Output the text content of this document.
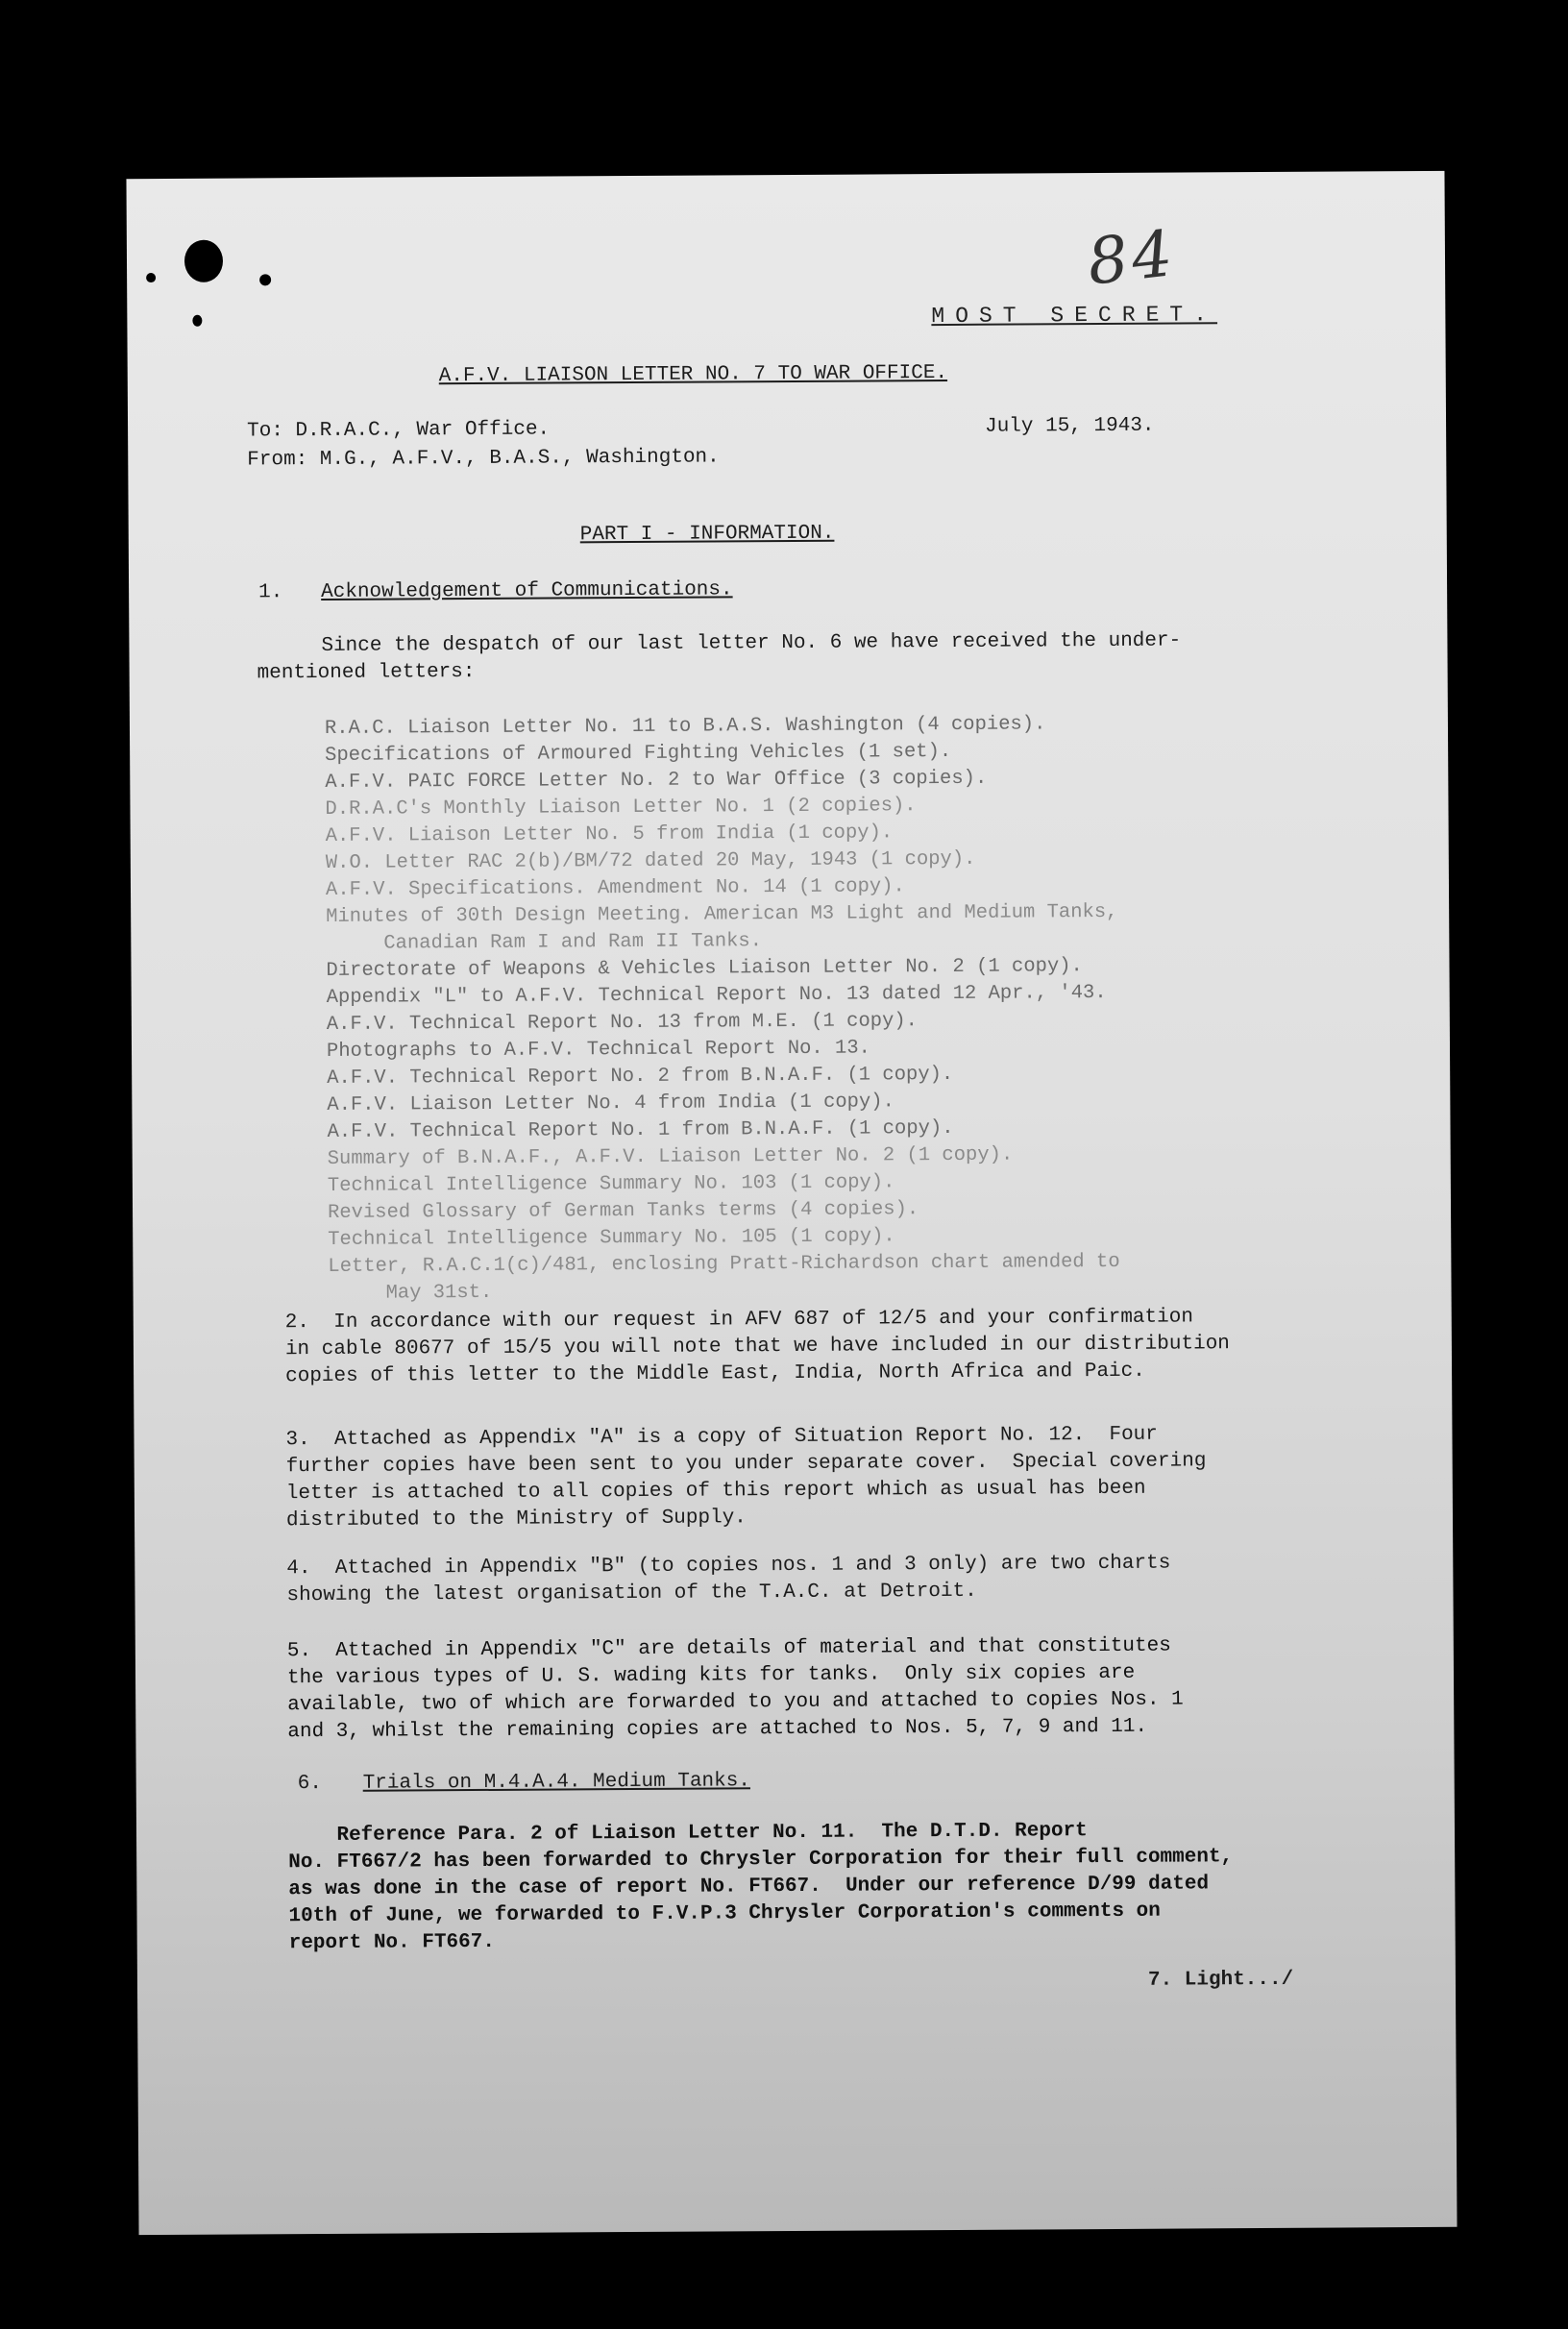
84
MOST SECRET.
A.F.V. LIAISON LETTER NO. 7 TO WAR OFFICE.
To: D.R.A.C., War Office.
From: M.G., A.F.V., B.A.S., Washington.
July 15, 1943.
PART I - INFORMATION.
1. Acknowledgement of Communications.
Since the despatch of our last letter No. 6 we have received the under-
mentioned letters:
R.A.C. Liaison Letter No. 11 to B.A.S. Washington (4 copies).
Specifications of Armoured Fighting Vehicles (1 set).
A.F.V. PAIC FORCE Letter No. 2 to War Office (3 copies).
D.R.A.C's Monthly Liaison Letter No. 1 (2 copies).
A.F.V. Liaison Letter No. 5 from India (1 copy).
W.O. Letter RAC 2(b)/BM/72 dated 20 May, 1943 (1 copy).
A.F.V. Specifications. Amendment No. 14 (1 copy).
Minutes of 30th Design Meeting. American M3 Light and Medium Tanks,
Canadian Ram I and Ram II Tanks.
Directorate of Weapons & Vehicles Liaison Letter No. 2 (1 copy).
Appendix "L" to A.F.V. Technical Report No. 13 dated 12 Apr., '43.
A.F.V. Technical Report No. 13 from M.E. (1 copy).
Photographs to A.F.V. Technical Report No. 13.
A.F.V. Technical Report No. 2 from B.N.A.F. (1 copy).
A.F.V. Liaison Letter No. 4 from India (1 copy).
A.F.V. Technical Report No. 1 from B.N.A.F. (1 copy).
Summary of B.N.A.F., A.F.V. Liaison Letter No. 2 (1 copy).
Technical Intelligence Summary No. 103 (1 copy).
Revised Glossary of German Tanks terms (4 copies).
Technical Intelligence Summary No. 105 (1 copy).
Letter, R.A.C.1(c)/481, enclosing Pratt-Richardson chart amended to
May 31st.
2. In accordance with our request in AFV 687 of 12/5 and your confirmation
in cable 80677 of 15/5 you will note that we have included in our distribution
copies of this letter to the Middle East, India, North Africa and Paic.
3. Attached as Appendix "A" is a copy of Situation Report No. 12.  Four
further copies have been sent to you under separate cover.  Special covering
letter is attached to all copies of this report which as usual has been
distributed to the Ministry of Supply.
4. Attached in Appendix "B" (to copies nos. 1 and 3 only) are two charts
showing the latest organisation of the T.A.C. at Detroit.
5. Attached in Appendix "C" are details of material and that constitutes
the various types of U. S. wading kits for tanks.  Only six copies are
available, two of which are forwarded to you and attached to copies Nos. 1
and 3, whilst the remaining copies are attached to Nos. 5, 7, 9 and 11.
6. Trials on M.4.A.4. Medium Tanks.
Reference Para. 2 of Liaison Letter No. 11.  The D.T.D. Report
No. FT667/2 has been forwarded to Chrysler Corporation for their full comment,
as was done in the case of report No. FT667.  Under our reference D/99 dated
10th of June, we forwarded to F.V.P.3 Chrysler Corporation's comments on
report No. FT667.
7. Light.../
